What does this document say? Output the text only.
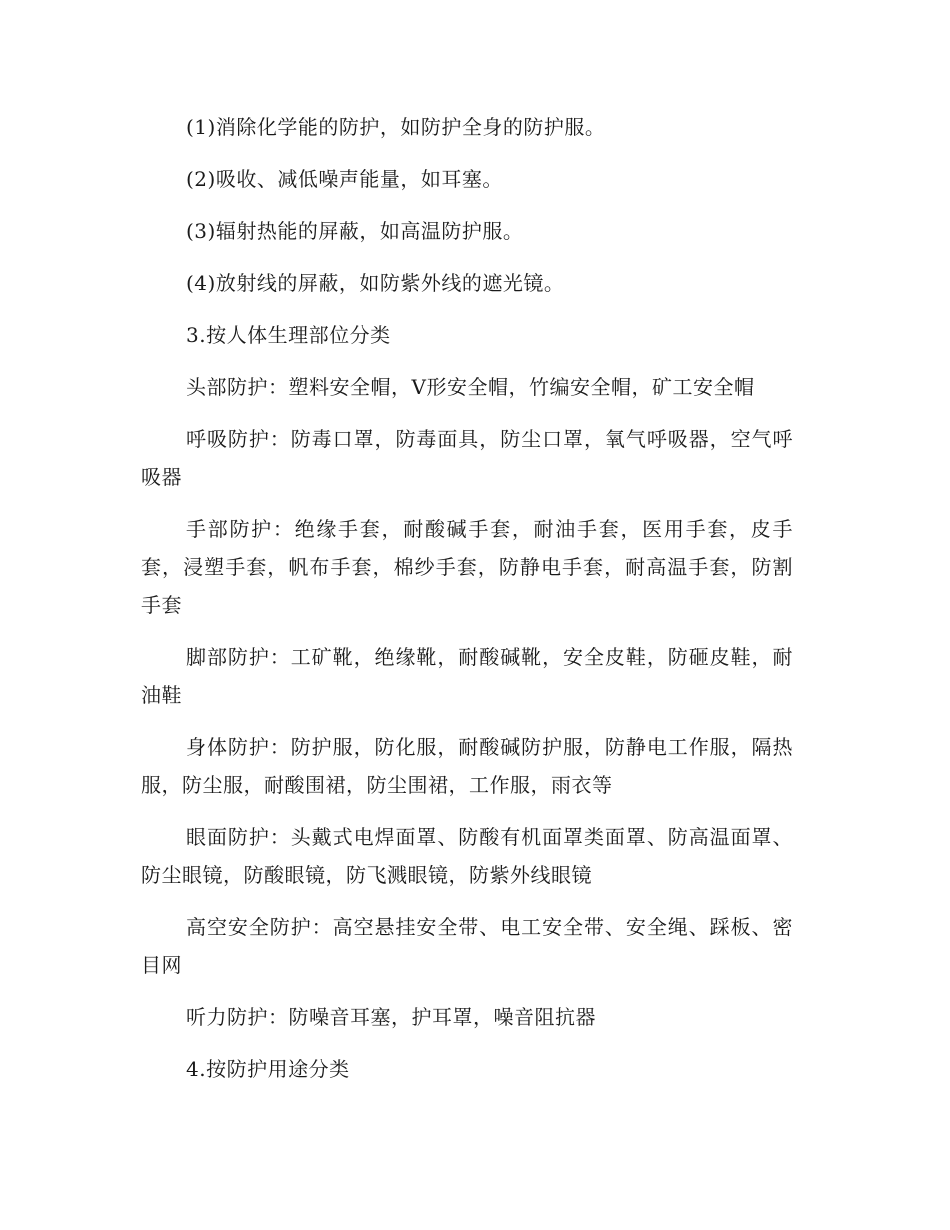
(1)消除化学能的防护，如防护全身的防护服。

(2)吸收、减低噪声能量，如耳塞。

(3)辐射热能的屏蔽，如高温防护服。

(4)放射线的屏蔽，如防紫外线的遮光镜。

3.按人体生理部位分类

头部防护：塑料安全帽，V形安全帽，竹编安全帽，矿工安全帽

呼吸防护：防毒口罩，防毒面具，防尘口罩，氧气呼吸器，空气呼吸器

手部防护：绝缘手套，耐酸碱手套，耐油手套，医用手套，皮手套，浸塑手套，帆布手套，棉纱手套，防静电手套，耐高温手套，防割手套

脚部防护：工矿靴，绝缘靴，耐酸碱靴，安全皮鞋，防砸皮鞋，耐油鞋

身体防护：防护服，防化服，耐酸碱防护服，防静电工作服，隔热服，防尘服，耐酸围裙，防尘围裙，工作服，雨衣等

眼面防护：头戴式电焊面罩、防酸有机面罩类面罩、防高温面罩、防尘眼镜，防酸眼镜，防飞溅眼镜，防紫外线眼镜

高空安全防护：高空悬挂安全带、电工安全带、安全绳、踩板、密目网

听力防护：防噪音耳塞，护耳罩，噪音阻抗器

4.按防护用途分类
